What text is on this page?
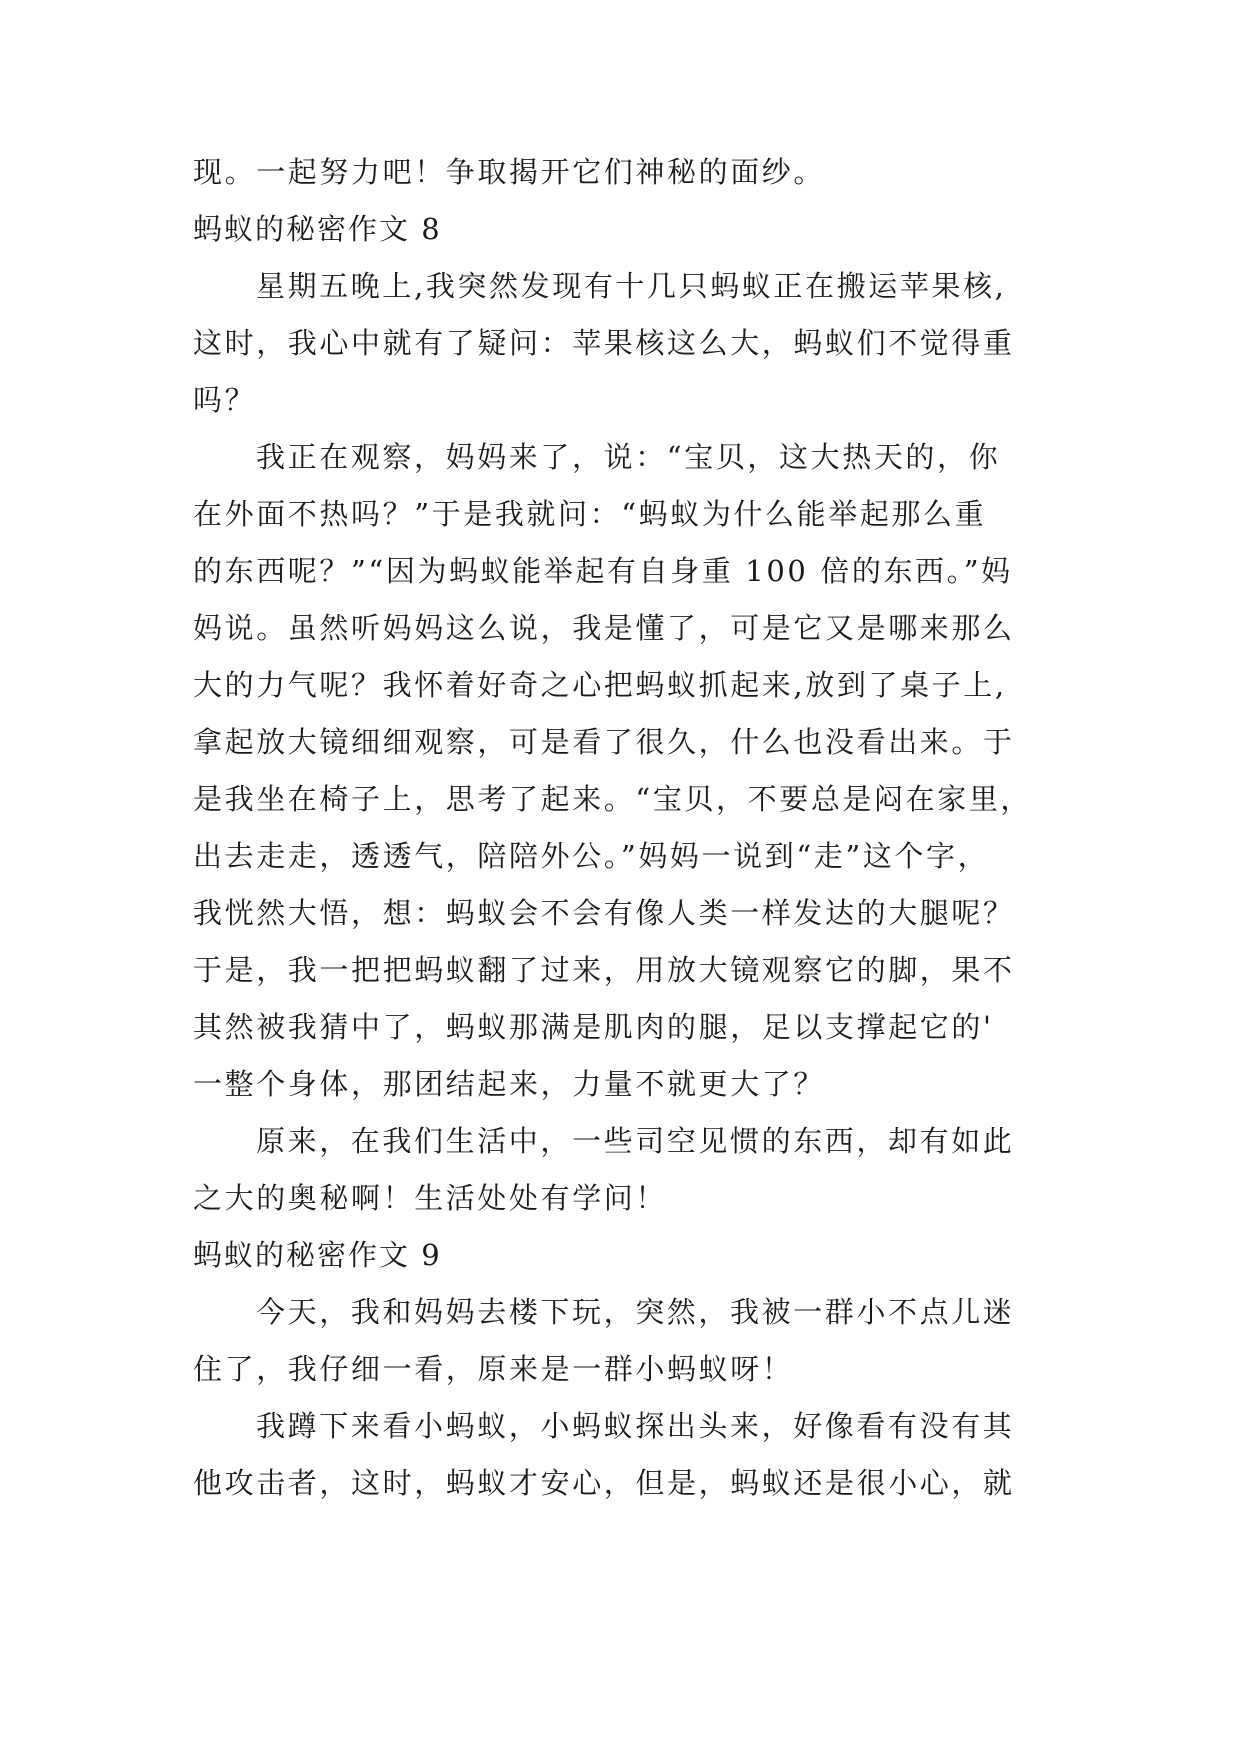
现。一起努力吧！争取揭开它们神秘的面纱。
蚂蚁的秘密作文 8
星期五晚上,我突然发现有十几只蚂蚁正在搬运苹果核,
这时，我心中就有了疑问：苹果核这么大，蚂蚁们不觉得重
吗？
我正在观察，妈妈来了，说：“宝贝，这大热天的，你
在外面不热吗？”于是我就问：“蚂蚁为什么能举起那么重
的东西呢？”“因为蚂蚁能举起有自身重 100 倍的东西。”妈
妈说。虽然听妈妈这么说，我是懂了，可是它又是哪来那么
大的力气呢？我怀着好奇之心把蚂蚁抓起来,放到了桌子上,
拿起放大镜细细观察，可是看了很久，什么也没看出来。于
是我坐在椅子上，思考了起来。“宝贝，不要总是闷在家里，
出去走走，透透气，陪陪外公。”妈妈一说到“走”这个字，
我恍然大悟，想：蚂蚁会不会有像人类一样发达的大腿呢？
于是，我一把把蚂蚁翻了过来，用放大镜观察它的脚，果不
其然被我猜中了，蚂蚁那满是肌肉的腿，足以支撑起它的'
一整个身体，那团结起来，力量不就更大了？
原来，在我们生活中，一些司空见惯的东西，却有如此
之大的奥秘啊！生活处处有学问！
蚂蚁的秘密作文 9
今天，我和妈妈去楼下玩，突然，我被一群小不点儿迷
住了，我仔细一看，原来是一群小蚂蚁呀！
我蹲下来看小蚂蚁，小蚂蚁探出头来，好像看有没有其
他攻击者，这时，蚂蚁才安心，但是，蚂蚁还是很小心，就
